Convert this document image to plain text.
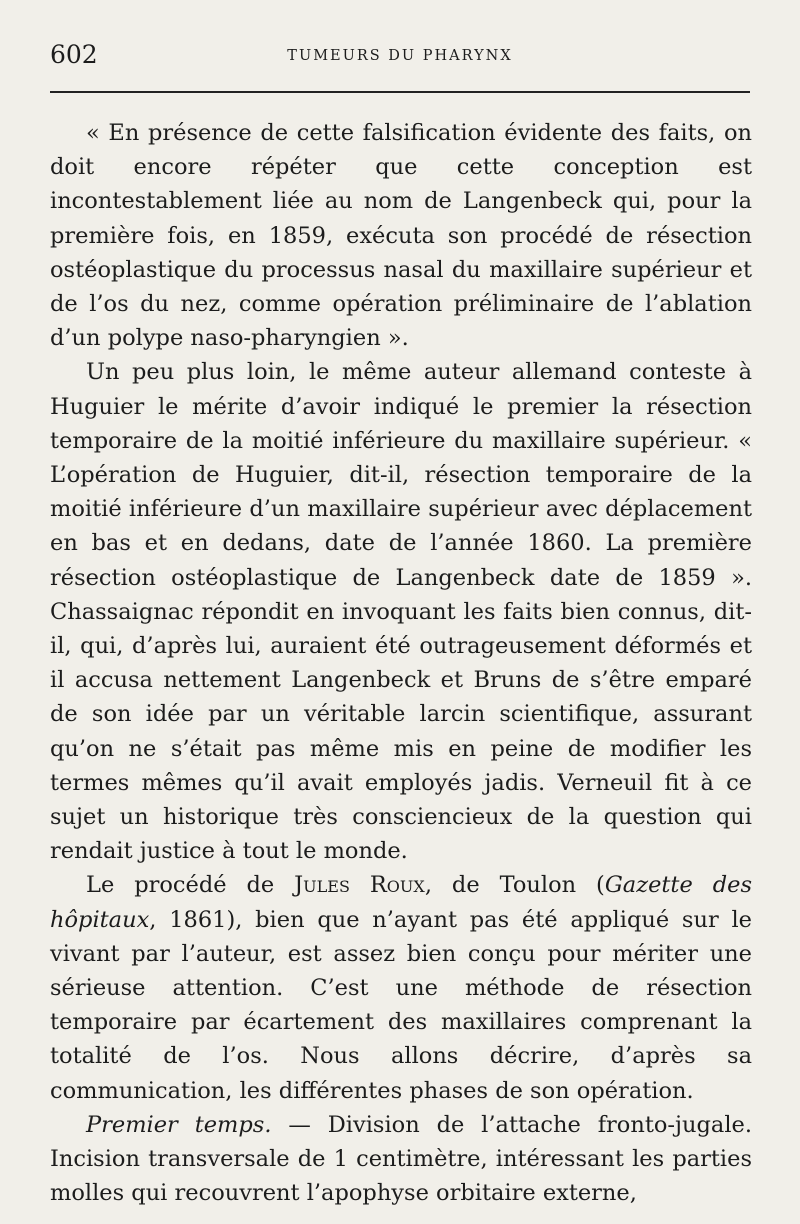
602	TUMEURS DU PHARYNX

« En présence de cette falsification évidente des faits, on doit encore répéter que cette conception est incontestablement liée au nom de Langenbeck qui, pour la première fois, en 1859, exécuta son procédé de résection ostéoplastique du processus nasal du maxillaire supérieur et de l’os du nez, comme opération préliminaire de l’ablation d’un polype naso-pharyngien ».

Un peu plus loin, le même auteur allemand conteste à Huguier le mérite d’avoir indiqué le premier la résection temporaire de la moitié inférieure du maxillaire supérieur. « L’opération de Huguier, dit-il, résection temporaire de la moitié inférieure d’un maxillaire supérieur avec déplacement en bas et en dedans, date de l’année 1860. La première résection ostéoplastique de Langenbeck date de 1859 ». Chassaignac répondit en invoquant les faits bien connus, dit-il, qui, d’après lui, auraient été outrageusement déformés et il accusa nettement Langenbeck et Bruns de s’être emparé de son idée par un véritable larcin scientifique, assurant qu’on ne s’était pas même mis en peine de modifier les termes mêmes qu’il avait employés jadis. Verneuil fit à ce sujet un historique très consciencieux de la question qui rendait justice à tout le monde.

Le procédé de Jules Roux, de Toulon (Gazette des hôpitaux, 1861), bien que n’ayant pas été appliqué sur le vivant par l’auteur, est assez bien conçu pour mériter une sérieuse attention. C’est une méthode de résection temporaire par écartement des maxillaires comprenant la totalité de l’os. Nous allons décrire, d’après sa communication, les différentes phases de son opération.

Premier temps. — Division de l’attache fronto-jugale. Incision transversale de 1 centimètre, intéressant les parties molles qui recouvrent l’apophyse orbitaire externe,
